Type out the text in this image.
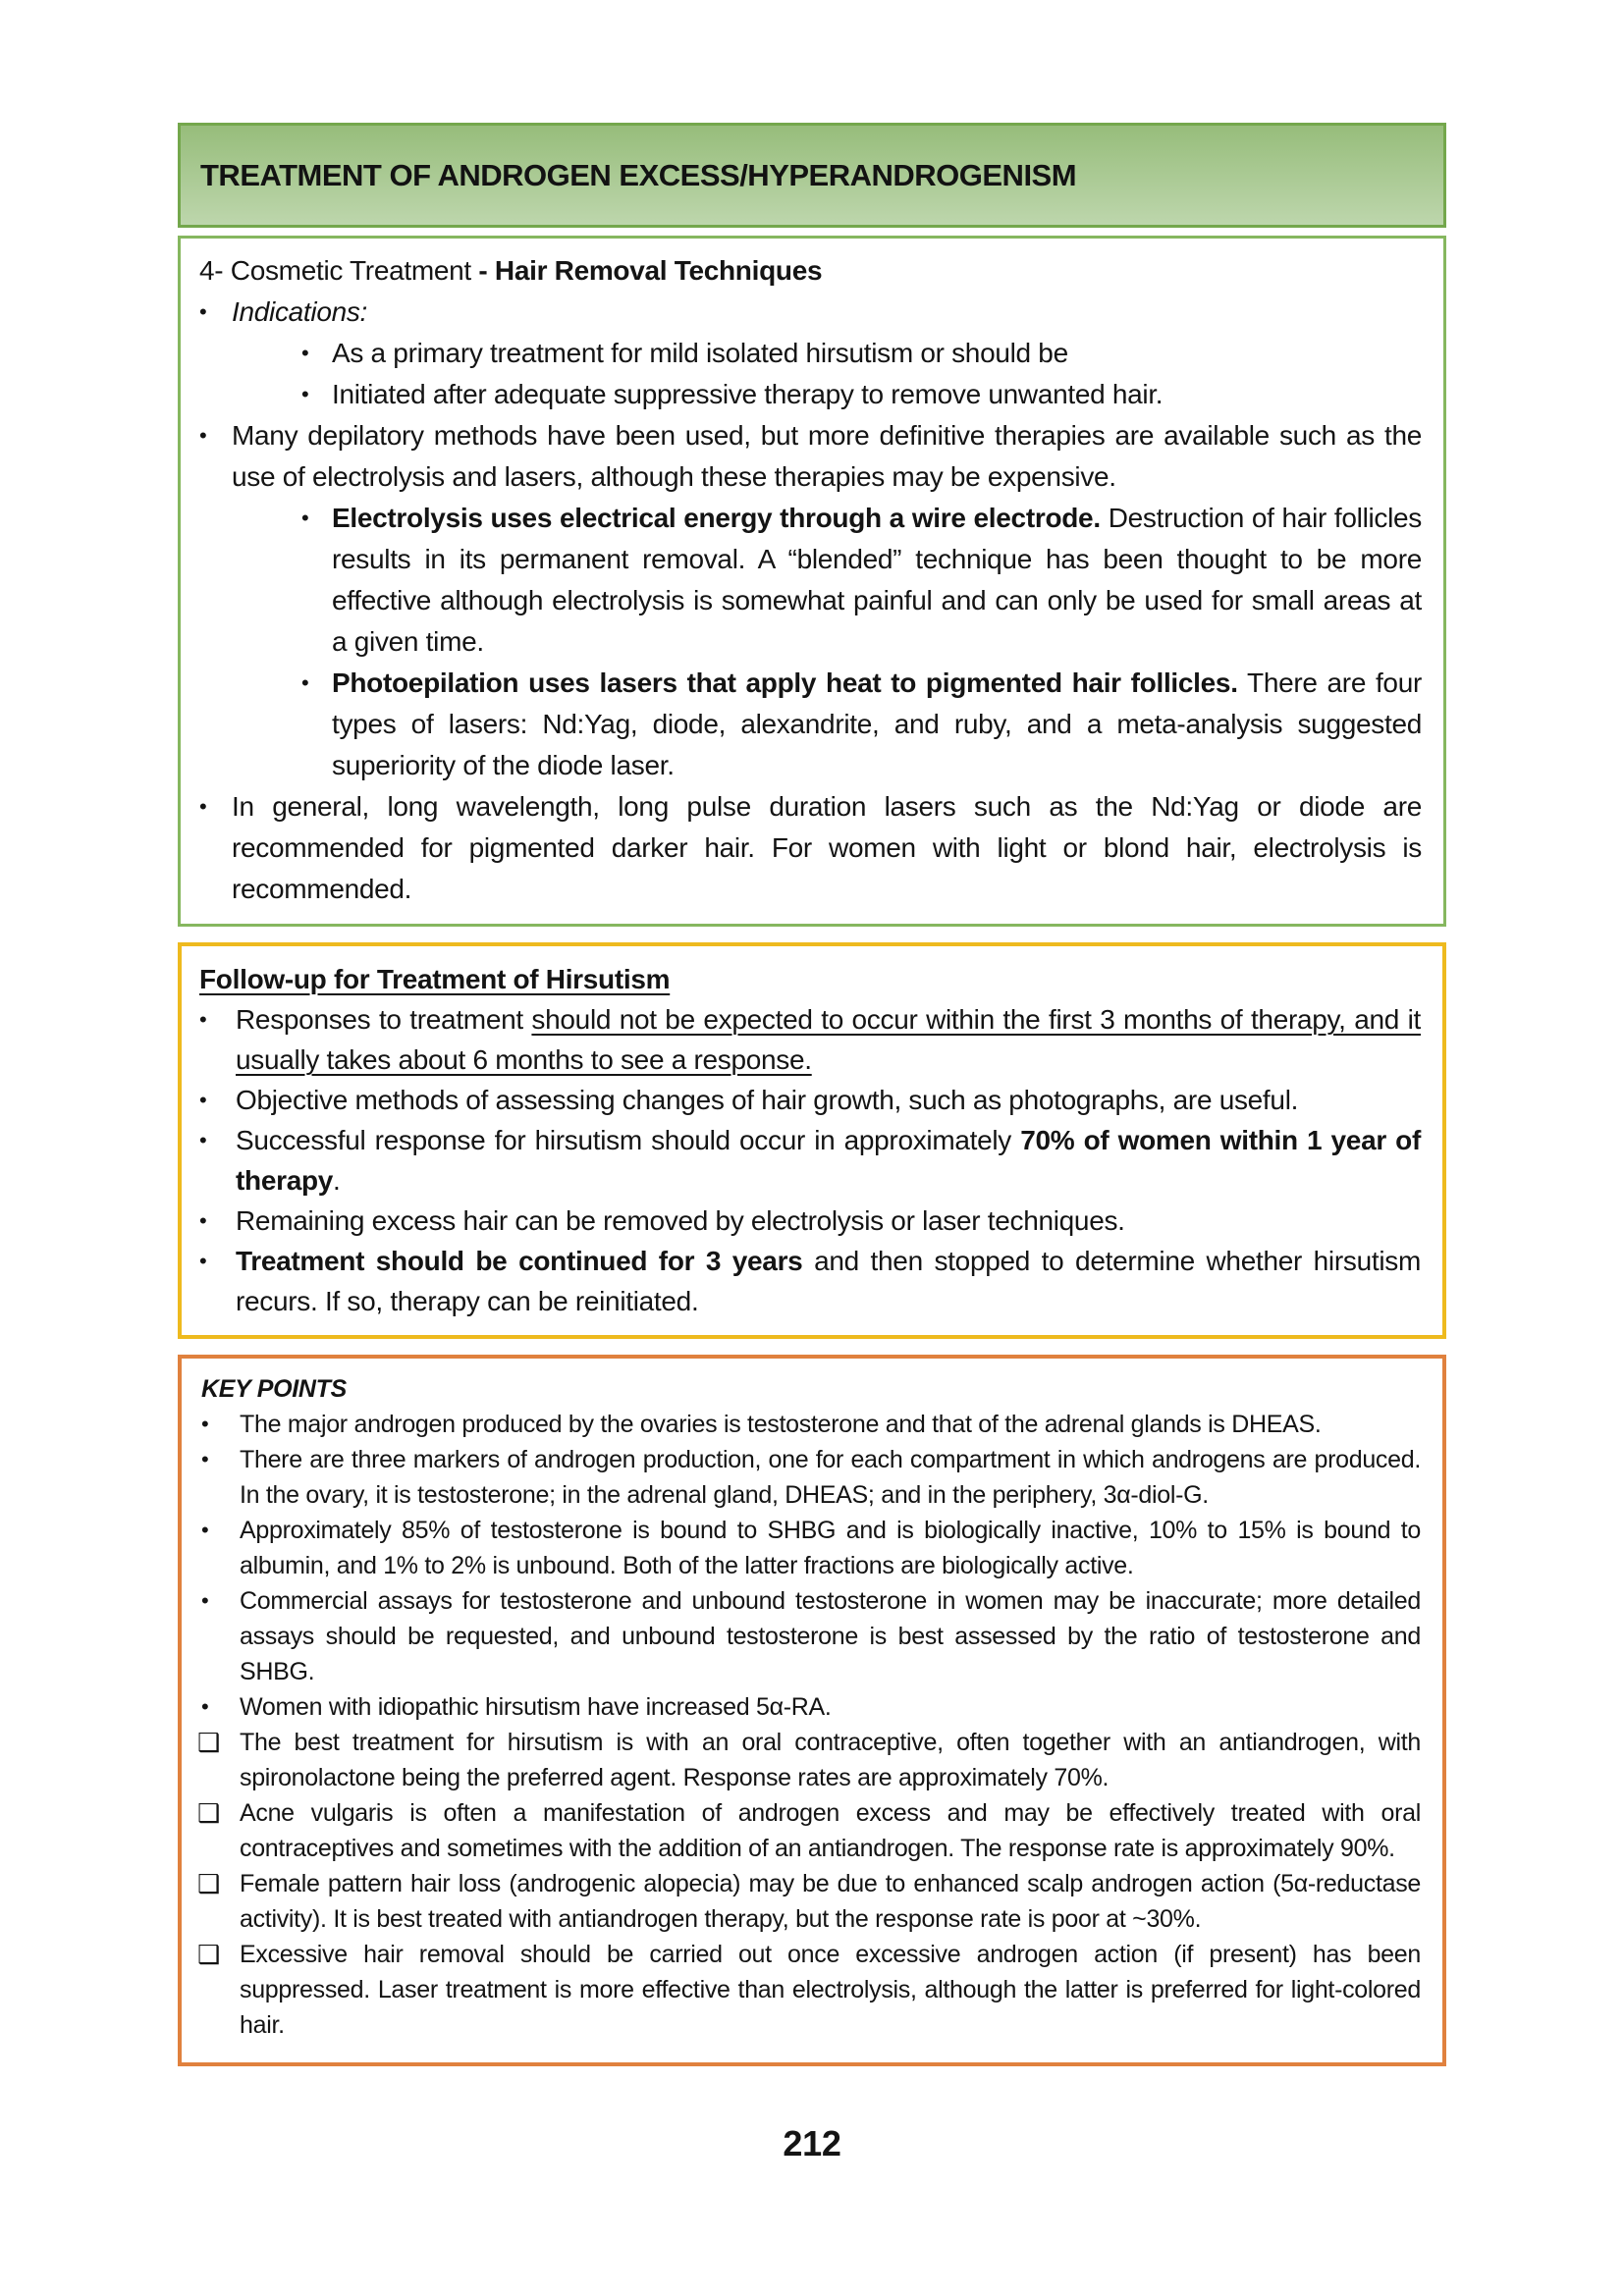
TREATMENT OF ANDROGEN EXCESS/HYPERANDROGENISM
4- Cosmetic Treatment - Hair Removal Techniques
• Indications:
• As a primary treatment for mild isolated hirsutism or should be
• Initiated after adequate suppressive therapy to remove unwanted hair.
• Many depilatory methods have been used, but more definitive therapies are available such as the use of electrolysis and lasers, although these therapies may be expensive.
• Electrolysis uses electrical energy through a wire electrode. Destruction of hair follicles results in its permanent removal. A “blended” technique has been thought to be more effective although electrolysis is somewhat painful and can only be used for small areas at a given time.
• Photoepilation uses lasers that apply heat to pigmented hair follicles. There are four types of lasers: Nd:Yag, diode, alexandrite, and ruby, and a meta-analysis suggested superiority of the diode laser.
• In general, long wavelength, long pulse duration lasers such as the Nd:Yag or diode are recommended for pigmented darker hair. For women with light or blond hair, electrolysis is recommended.
Follow-up for Treatment of Hirsutism
•	Responses to treatment should not be expected to occur within the first 3 months of therapy, and it usually takes about 6 months to see a response.
•	Objective methods of assessing changes of hair growth, such as photographs, are useful.
•	Successful response for hirsutism should occur in approximately 70% of women within 1 year of therapy.
•	Remaining excess hair can be removed by electrolysis or laser techniques.
•	Treatment should be continued for 3 years and then stopped to determine whether hirsutism recurs. If so, therapy can be reinitiated.
KEY POINTS
•	The major androgen produced by the ovaries is testosterone and that of the adrenal glands is DHEAS.
•	There are three markers of androgen production, one for each compartment in which androgens are produced. In the ovary, it is testosterone; in the adrenal gland, DHEAS; and in the periphery, 3α-diol-G.
•	Approximately 85% of testosterone is bound to SHBG and is biologically inactive, 10% to 15% is bound to albumin, and 1% to 2% is unbound. Both of the latter fractions are biologically active.
•	Commercial assays for testosterone and unbound testosterone in women may be inaccurate; more detailed assays should be requested, and unbound testosterone is best assessed by the ratio of testosterone and SHBG.
•	Women with idiopathic hirsutism have increased 5α-RA.
❑ The best treatment for hirsutism is with an oral contraceptive, often together with an antiandrogen, with spironolactone being the preferred agent. Response rates are approximately 70%.
❑ Acne vulgaris is often a manifestation of androgen excess and may be effectively treated with oral contraceptives and sometimes with the addition of an antiandrogen. The response rate is approximately 90%.
❑ Female pattern hair loss (androgenic alopecia) may be due to enhanced scalp androgen action (5α-reductase activity). It is best treated with antiandrogen therapy, but the response rate is poor at ~30%.
❑ Excessive hair removal should be carried out once excessive androgen action (if present) has been suppressed. Laser treatment is more effective than electrolysis, although the latter is preferred for light-colored hair.
212
